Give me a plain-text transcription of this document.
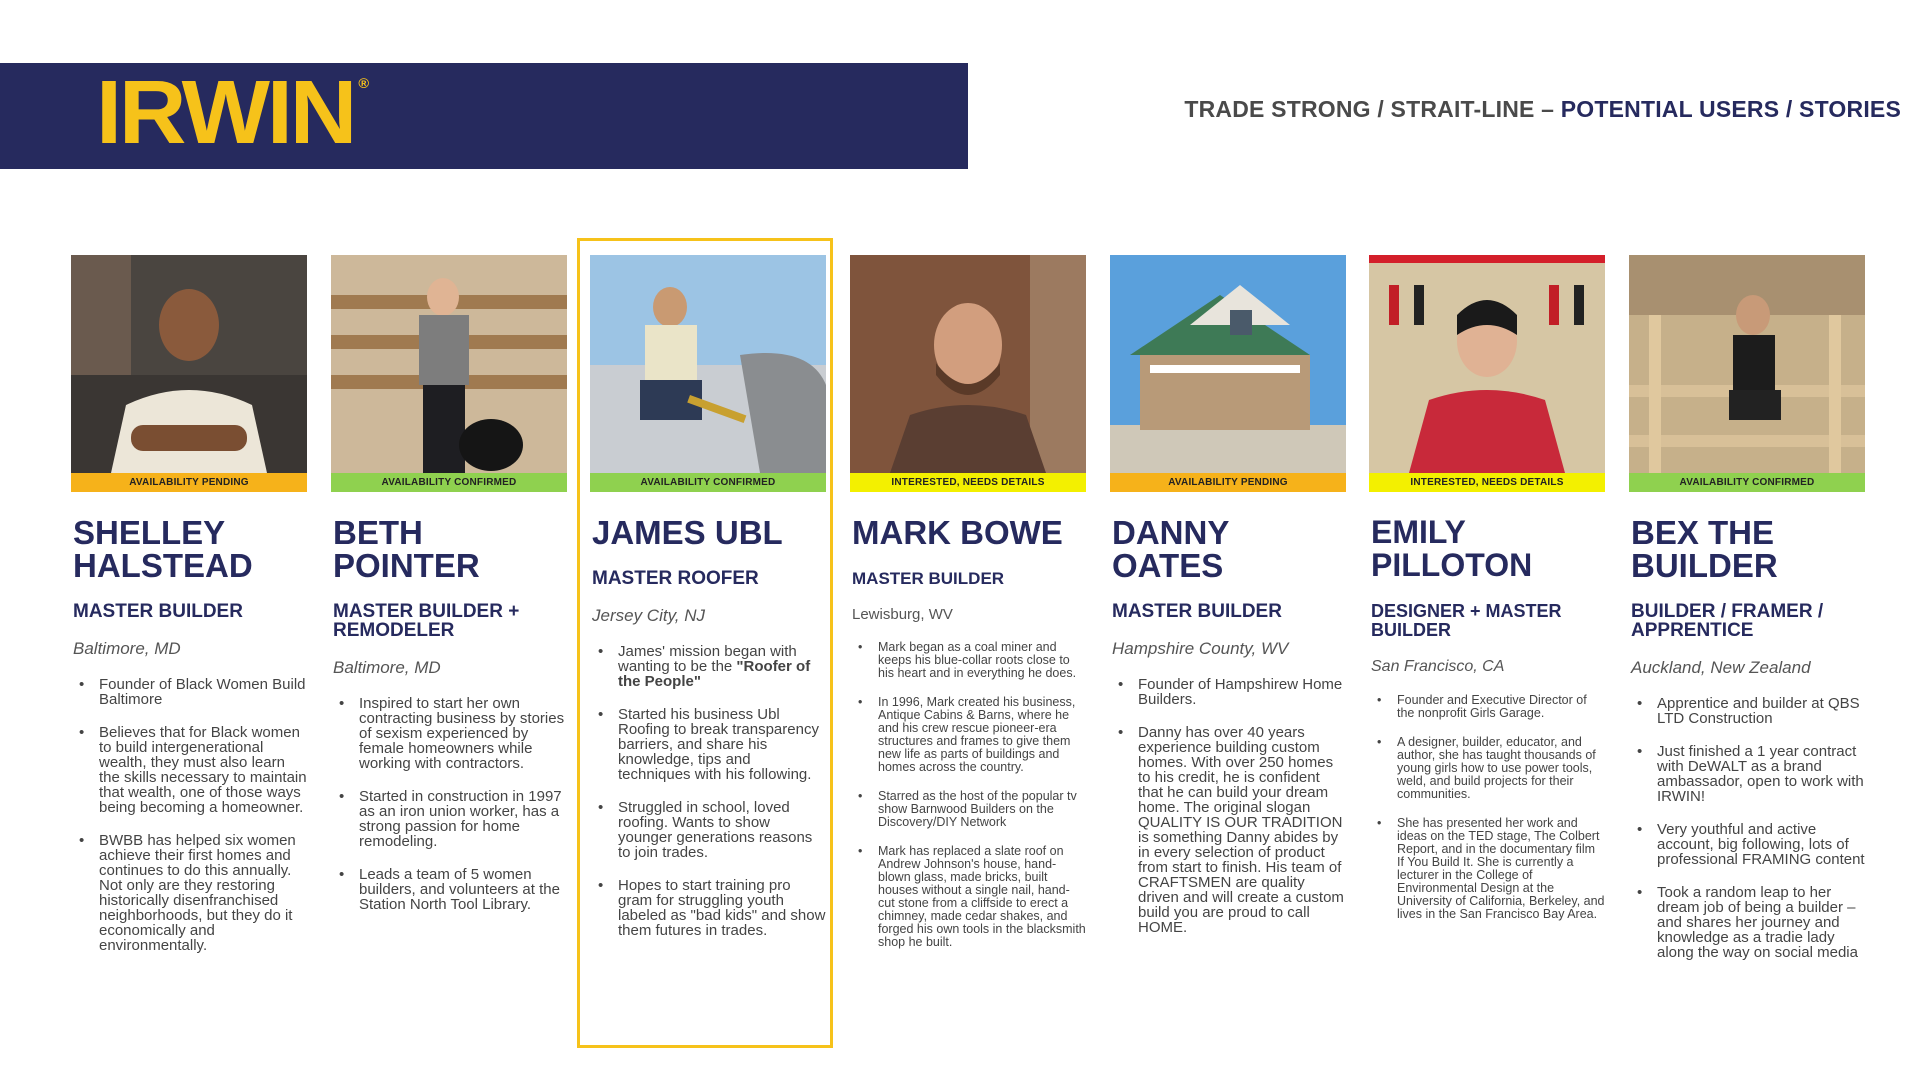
IRWIN ®
TRADE STRONG / STRAIT-LINE – POTENTIAL USERS / STORIES
AVAILABILITY PENDING
SHELLEY
HALSTEAD
MASTER BUILDER
Baltimore, MD
• Founder of Black Women Build Baltimore
• Believes that for Black women to build intergenerational wealth, they must also learn the skills necessary to maintain that wealth, one of those ways being becoming a homeowner.
• BWBB has helped six women achieve their first homes and continues to do this annually. Not only are they restoring historically disenfranchised neighborhoods, but they do it economically and environmentally.
AVAILABILITY CONFIRMED
BETH
POINTER
MASTER BUILDER +
REMODELER
Baltimore, MD
• Inspired to start her own contracting business by stories of sexism experienced by female homeowners while working with contractors.
• Started in construction in 1997 as an iron union worker, has a strong passion for home remodeling.
• Leads a team of 5 women builders, and volunteers at the Station North Tool Library.
AVAILABILITY CONFIRMED
JAMES UBL
MASTER ROOFER
Jersey City, NJ
• James' mission began with wanting to be the "Roofer of the People"
• Started his business Ubl Roofing to break transparency barriers, and share his knowledge, tips and techniques with his following.
• Struggled in school, loved roofing. Wants to show younger generations reasons to join trades.
• Hopes to start training pro gram for struggling youth labeled as "bad kids" and show them futures in trades.
INTERESTED, NEEDS DETAILS
MARK BOWE
MASTER BUILDER
Lewisburg, WV
• Mark began as a coal miner and keeps his blue-collar roots close to his heart and in everything he does.
• In 1996, Mark created his business, Antique Cabins & Barns, where he and his crew rescue pioneer-era structures and frames to give them new life as parts of buildings and homes across the country.
• Starred as the host of the popular tv show Barnwood Builders on the Discovery/DIY Network
• Mark has replaced a slate roof on Andrew Johnson's house, hand-blown glass, made bricks, built houses without a single nail, hand-cut stone from a cliffside to erect a chimney, made cedar shakes, and forged his own tools in the blacksmith shop he built.
AVAILABILITY PENDING
DANNY
OATES
MASTER BUILDER
Hampshire County, WV
• Founder of Hampshirew Home Builders.
• Danny has over 40 years experience building custom homes. With over 250 homes to his credit, he is confident that he can build your dream home. The original slogan QUALITY IS OUR TRADITION is something Danny abides by in every selection of product from start to finish. His team of CRAFTSMEN are quality driven and will create a custom build you are proud to call HOME.
INTERESTED, NEEDS DETAILS
EMILY
PILLOTON
DESIGNER + MASTER
BUILDER
San Francisco, CA
• Founder and Executive Director of the nonprofit Girls Garage.
• A designer, builder, educator, and author, she has taught thousands of young girls how to use power tools, weld, and build projects for their communities.
• She has presented her work and ideas on the TED stage, The Colbert Report, and in the documentary film If You Build It. She is currently a lecturer in the College of Environmental Design at the University of California, Berkeley, and lives in the San Francisco Bay Area.
AVAILABILITY CONFIRMED
BEX THE
BUILDER
BUILDER / FRAMER /
APPRENTICE
Auckland, New Zealand
• Apprentice and builder at QBS LTD Construction
• Just finished a 1 year contract with DeWALT as a brand ambassador, open to work with IRWIN!
• Very youthful and active account, big following, lots of professional FRAMING content
• Took a random leap to her dream job of being a builder – and shares her journey and knowledge as a tradie lady along the way on social media
